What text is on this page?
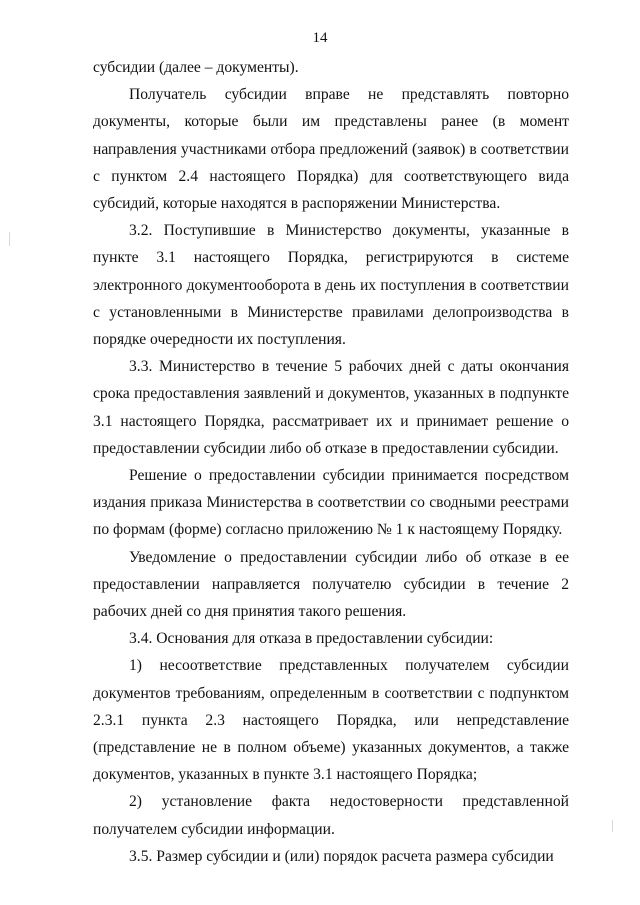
14

субсидии (далее – документы).

Получатель субсидии вправе не представлять повторно документы, которые были им представлены ранее (в момент направления участниками отбора предложений (заявок) в соответствии с пунктом 2.4 настоящего Порядка) для соответствующего вида субсидий, которые находятся в распоряжении Министерства.

3.2. Поступившие в Министерство документы, указанные в пункте 3.1 настоящего Порядка, регистрируются в системе электронного документооборота в день их поступления в соответствии с установленными в Министерстве правилами делопроизводства в порядке очередности их поступления.

3.3. Министерство в течение 5 рабочих дней с даты окончания срока предоставления заявлений и документов, указанных в подпункте 3.1 настоящего Порядка, рассматривает их и принимает решение о предоставлении субсидии либо об отказе в предоставлении субсидии.

Решение о предоставлении субсидии принимается посредством издания приказа Министерства в соответствии со сводными реестрами по формам (форме) согласно приложению № 1 к настоящему Порядку.

Уведомление о предоставлении субсидии либо об отказе в ее предоставлении направляется получателю субсидии в течение 2 рабочих дней со дня принятия такого решения.

3.4. Основания для отказа в предоставлении субсидии:

1) несоответствие представленных получателем субсидии документов требованиям, определенным в соответствии с подпунктом 2.3.1 пункта 2.3 настоящего Порядка, или непредставление (представление не в полном объеме) указанных документов, а также документов, указанных в пункте 3.1 настоящего Порядка;

2) установление факта недостоверности представленной получателем субсидии информации.

3.5. Размер субсидии и (или) порядок расчета размера субсидии
